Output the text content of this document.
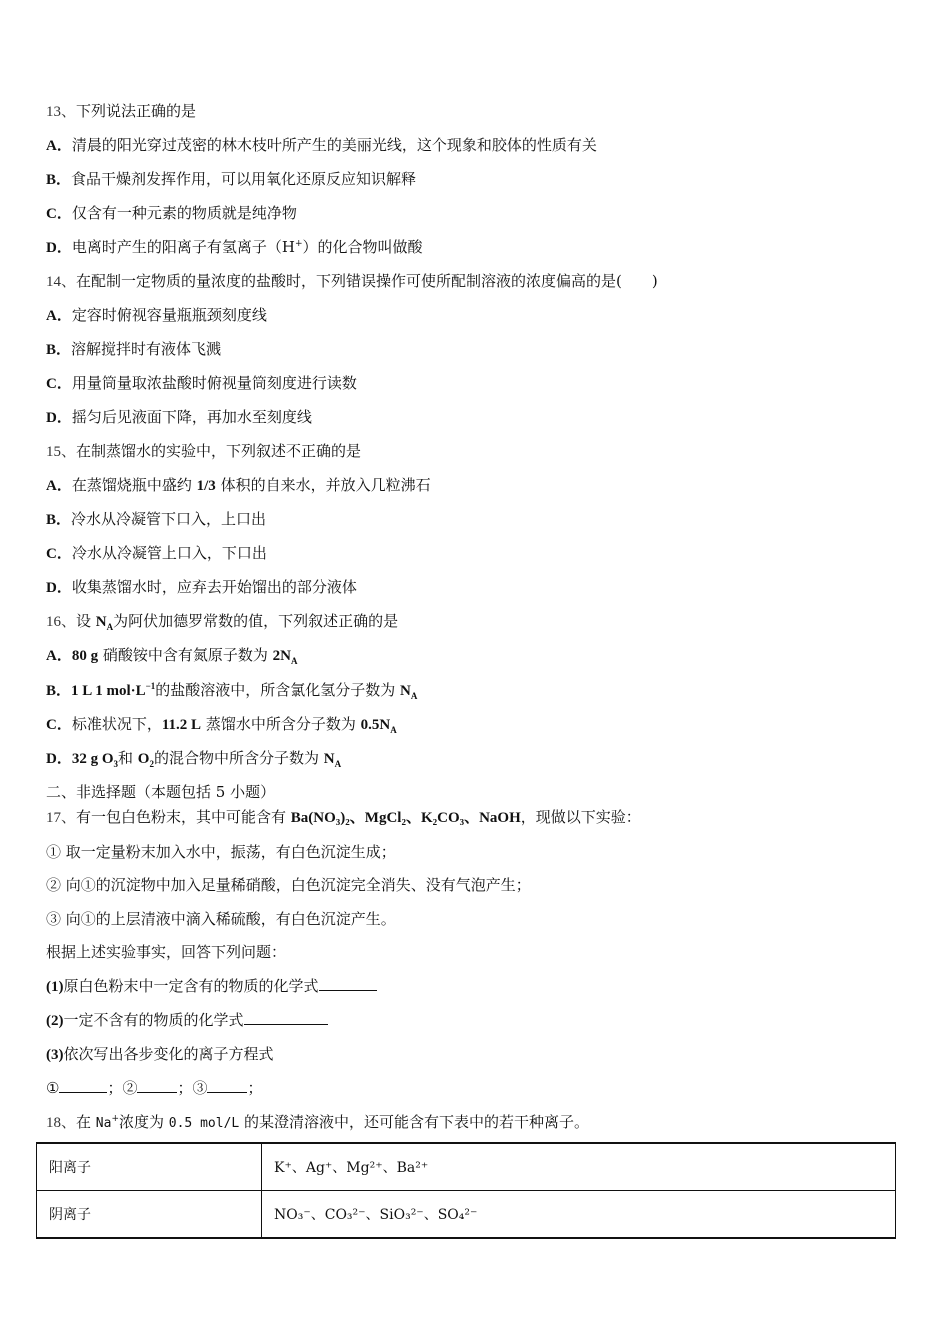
13、下列说法正确的是
A．清晨的阳光穿过茂密的林木枝叶所产生的美丽光线，这个现象和胶体的性质有关
B．食品干燥剂发挥作用，可以用氧化还原反应知识解释
C．仅含有一种元素的物质就是纯净物
D．电离时产生的阳离子有氢离子（H+）的化合物叫做酸
14、在配制一定物质的量浓度的盐酸时，下列错误操作可使所配制溶液的浓度偏高的是(　　)
A．定容时俯视容量瓶瓶颈刻度线
B．溶解搅拌时有液体飞溅
C．用量筒量取浓盐酸时俯视量筒刻度进行读数
D．摇匀后见液面下降，再加水至刻度线
15、在制蒸馏水的实验中，下列叙述不正确的是
A．在蒸馏烧瓶中盛约 1/3 体积的自来水，并放入几粒沸石
B．冷水从冷凝管下口入，上口出
C．冷水从冷凝管上口入，下口出
D．收集蒸馏水时，应弃去开始馏出的部分液体
16、设 $N_A$为阿伏加德罗常数的值，下列叙述正确的是
A．80 g 硝酸铵中含有氮原子数为 $2N_A$
B．1 L 1 $mol\cdot L^{-1}$的盐酸溶液中，所含氯化氢分子数为 $N_A$
C．标准状况下，11.2 L 蒸馏水中所含分子数为 $0.5N_A$
D．32 g $O_3$和 $O_2$的混合物中所含分子数为 $N_A$
二、非选择题（本题包括 5 小题）
17、有一包白色粉末，其中可能含有 Ba(NO₃)₂、MgCl₂、K₂CO₃、NaOH，现做以下实验：
① 取一定量粉末加入水中，振荡，有白色沉淀生成；
② 向①的沉淀物中加入足量稀硝酸，白色沉淀完全消失、没有气泡产生；
③ 向①的上层清液中滴入稀硫酸，有白色沉淀产生。
根据上述实验事实，回答下列问题：
(1)原白色粉末中一定含有的物质的化学式
(2)一定不含有的物质的化学式
(3)依次写出各步变化的离子方程式
①	；②	；③	；
18、在 Na+浓度为 0.5 mol/L 的某澄清溶液中，还可能含有下表中的若干种离子。
阳离子	K⁺、Ag⁺、Mg²⁺、Ba²⁺
阴离子	NO₃⁻、CO₃²⁻、SiO₃²⁻、SO₄²⁻
